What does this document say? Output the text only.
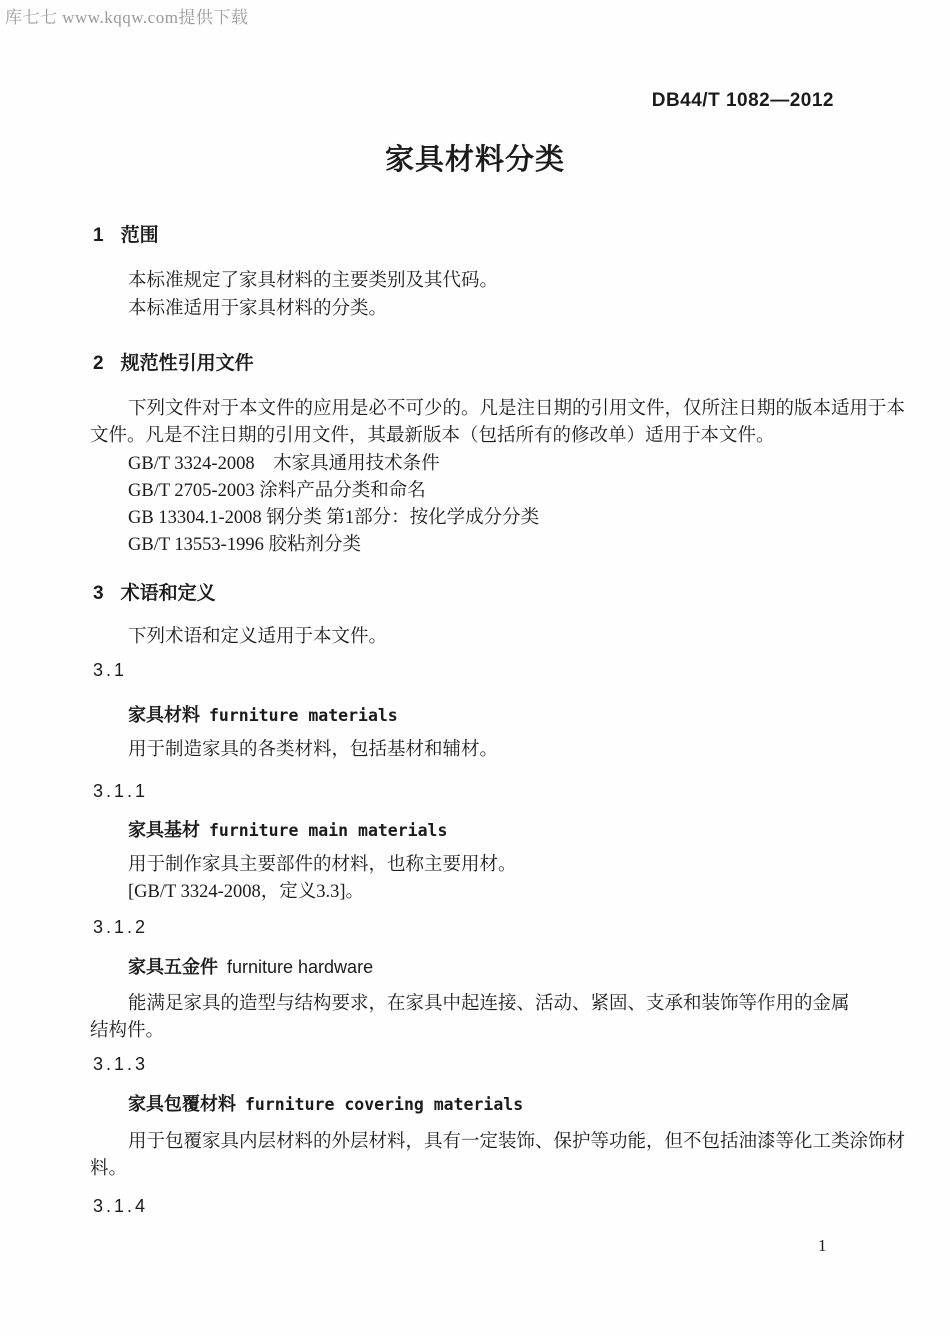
库七七 www.kqqw.com提供下载
DB44/T 1082—2012
家具材料分类
1 范围
本标准规定了家具材料的主要类别及其代码。
本标准适用于家具材料的分类。
2 规范性引用文件
下列文件对于本文件的应用是必不可少的。凡是注日期的引用文件，仅所注日期的版本适用于本
文件。凡是不注日期的引用文件，其最新版本（包括所有的修改单）适用于本文件。
GB/T 3324-2008　木家具通用技术条件
GB/T 2705-2003 涂料产品分类和命名
GB 13304.1-2008 钢分类 第1部分：按化学成分分类
GB/T 13553-1996 胶粘剂分类
3 术语和定义
下列术语和定义适用于本文件。
3.1
家具材料 furniture materials
用于制造家具的各类材料，包括基材和辅材。
3.1.1
家具基材 furniture main materials
用于制作家具主要部件的材料，也称主要用材。
[GB/T 3324-2008，定义3.3]。
3.1.2
家具五金件 furniture hardware
能满足家具的造型与结构要求，在家具中起连接、活动、紧固、支承和装饰等作用的金属
结构件。
3.1.3
家具包覆材料 furniture covering materials
用于包覆家具内层材料的外层材料，具有一定装饰、保护等功能，但不包括油漆等化工类涂饰材
料。
3.1.4
1
